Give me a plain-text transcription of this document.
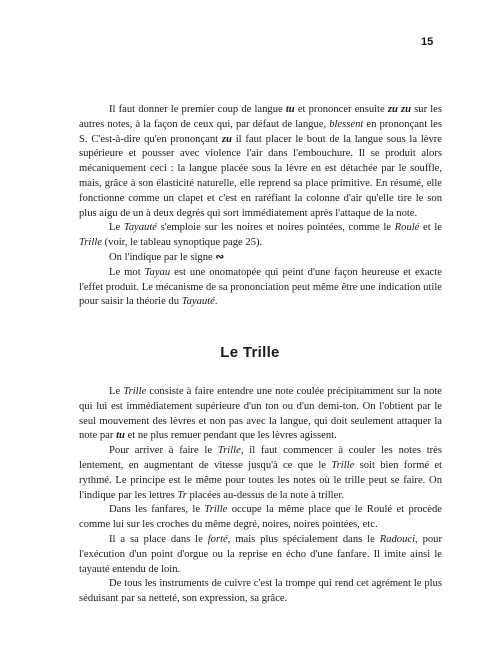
15

Il faut donner le premier coup de langue tu et prononcer ensuite zu zu sur les autres notes, à la façon de ceux qui, par défaut de langue, blessent en prononçant les S. C'est-à-dire qu'en prononçant zu il faut placer le bout de la langue sous la lèvre supérieure et pousser avec violence l'air dans l'embouchure. Il se produit alors mécaniquement ceci : la langue placée sous la lèvre en est détachée par le souffle, mais, grâce à son élasticité naturelle, elle reprend sa place primitive. En résumé, elle fonctionne comme un clapet et c'est en raréfiant la colonne d'air qu'elle tire le son plus aigu de un à deux degrés qui sort immédiatement après l'attaque de la note.

Le Tayauté s'emploie sur les noires et noires pointées, comme le Roulé et le Trille (voir, le tableau synoptique page 25).

On l'indique par le signe ∾

Le mot Tayau est une onomatopée qui peint d'une façon heureuse et exacte l'effet produit. Le mécanisme de sa prononciation peut même être une indication utile pour saisir la théorie du Tayauté.

Le Trille

Le Trille consiste à faire entendre une note coulée précipitamment sur la note qui lui est immédiatement supérieure d'un ton ou d'un demi-ton. On l'obtient par le seul mouvement des lèvres et non pas avec la langue, qui doit seulement attaquer la note par tu et ne plus remuer pendant que les lèvres agissent.

Pour arriver à faire le Trille, il faut commencer à couler les notes très lentement, en augmentant de vitesse jusqu'à ce que le Trille soit bien formé et rythmé. Le principe est le même pour toutes les notes où le trille peut se faire. On l'indique par les lettres Tr placées au-dessus de la note à triller.

Dans les fanfares, le Trille occupe la même place que le Roulé et procède comme lui sur les croches du même degré, noires, noires pointées, etc.

Il a sa place dans le forté, mais plus spécialement dans le Radouci, pour l'exécution d'un point d'orgue ou la reprise en écho d'une fanfare. Il imite ainsi le tayauté entendu de loin.

De tous les instruments de cuivre c'est la trompe qui rend cet agrément le plus séduisant par sa netteté, son expression, sa grâce.
